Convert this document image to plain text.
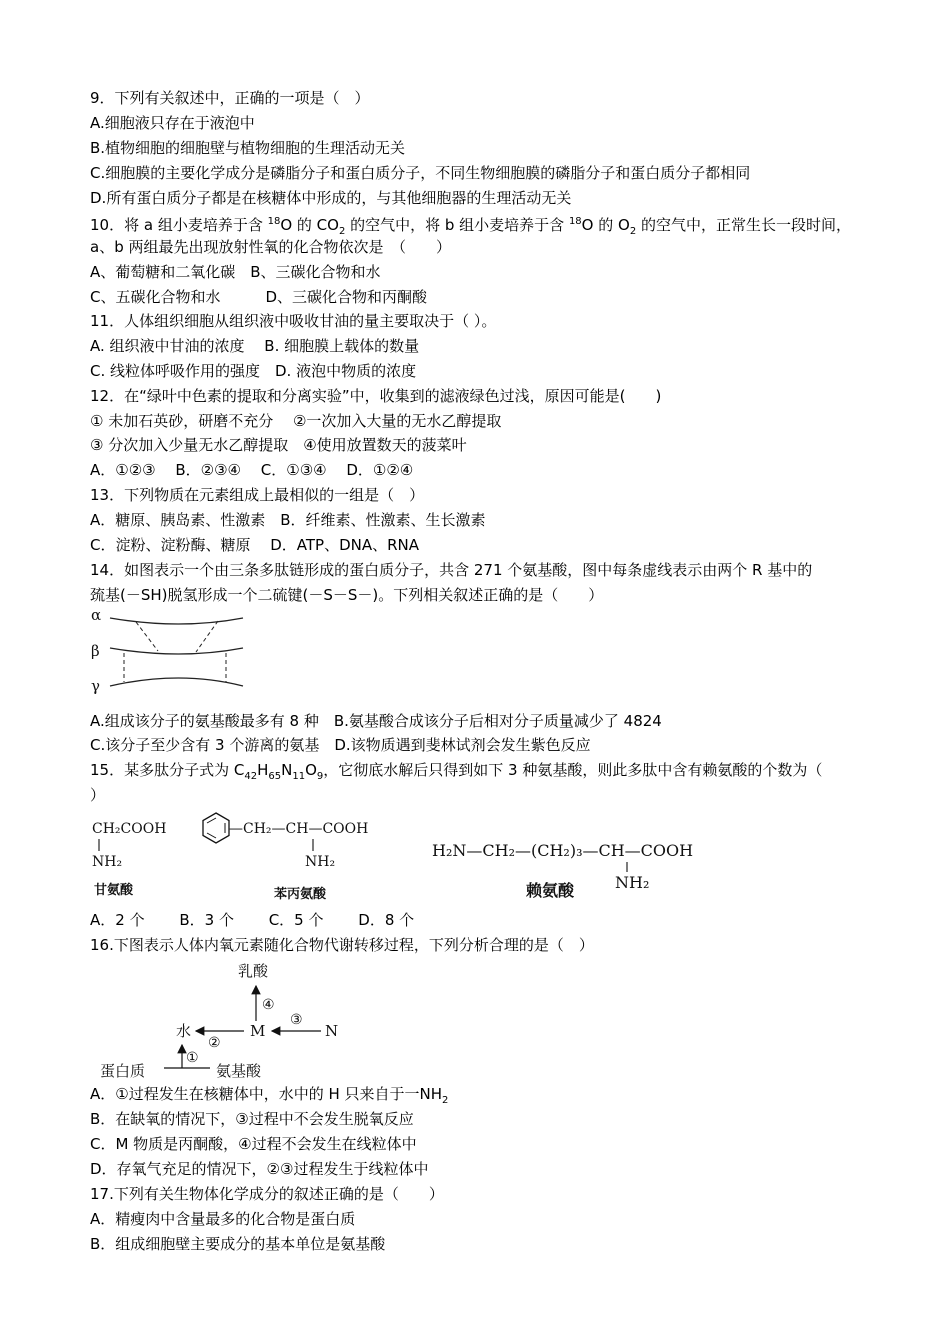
9．下列有关叙述中，正确的一项是（　）
A.细胞液只存在于液泡中
B.植物细胞的细胞壁与植物细胞的生理活动无关
C.细胞膜的主要化学成分是磷脂分子和蛋白质分子，不同生物细胞膜的磷脂分子和蛋白质分子都相同
D.所有蛋白质分子都是在核糖体中形成的，与其他细胞器的生理活动无关
10．将 a 组小麦培养于含 $^{18}$O 的 $CO_2$ 的空气中，将 b 组小麦培养于含 $^{18}$O 的 $O_2$ 的空气中，正常生长一段时间，
a、b 两组最先出现放射性氧的化合物依次是　（　　）
A、葡萄糖和二氧化碳　B、三碳化合物和水
C、五碳化合物和水　　　D、三碳化合物和丙酮酸
11．人体组织细胞从组织液中吸收甘油的量主要取决于（ ）。
A. 组织液中甘油的浓度　 B. 细胞膜上载体的数量
C. 线粒体呼吸作用的强度　D. 液泡中物质的浓度
12．在“绿叶中色素的提取和分离实验”中，收集到的滤液绿色过浅，原因可能是(　　)
① 未加石英砂，研磨不充分　 ②一次加入大量的无水乙醇提取
③ 分次加入少量无水乙醇提取　④使用放置数天的菠菜叶
A．①②③　 B．②③④　 C．①③④　 D．①②④
13．下列物质在元素组成上最相似的一组是（　）
A．糖原、胰岛素、性激素　B．纤维素、性激素、生长激素
C．淀粉、淀粉酶、糖原　 D．ATP、DNA、RNA
14．如图表示一个由三条多肽链形成的蛋白质分子，共含 271 个氨基酸，图中每条虚线表示由两个 R 基中的
巯基(－SH)脱氢形成一个二硫键(－S－S－)。下列相关叙述正确的是（　　）
α
β
γ
A.组成该分子的氨基酸最多有 8 种　B.氨基酸合成该分子后相对分子质量减少了 4824
C.该分子至少含有 3 个游离的氨基　D.该物质遇到斐林试剂会发生紫色反应
15．某多肽分子式为 $C_{42}H_{65}N_{11}O_9$，它彻底水解后只得到如下 3 种氨基酸，则此多肽中含有赖氨酸的个数为（
）
CH₂COOH
NH₂
甘氨酸
—CH₂—CH—COOH
NH₂
苯丙氨酸
H₂N—CH₂—(CH₂)₃—CH—COOH
NH₂
赖氨酸
A．2 个　　 B．3 个　　 C．5 个　　 D．8 个
16.下图表示人体内氧元素随化合物代谢转移过程，下列分析合理的是（　）
乳酸
④
M
③
N
②
水
①
蛋白质	氨基酸
A．①过程发生在核糖体中，水中的 H 只来自于一$NH_2$
B．在缺氧的情况下，③过程中不会发生脱氧反应
C．M 物质是丙酮酸，④过程不会发生在线粒体中
D．存氧气充足的情况下，②③过程发生于线粒体中
17.下列有关生物体化学成分的叙述正确的是（　　）
A．精瘦肉中含量最多的化合物是蛋白质
B．组成细胞壁主要成分的基本单位是氨基酸
